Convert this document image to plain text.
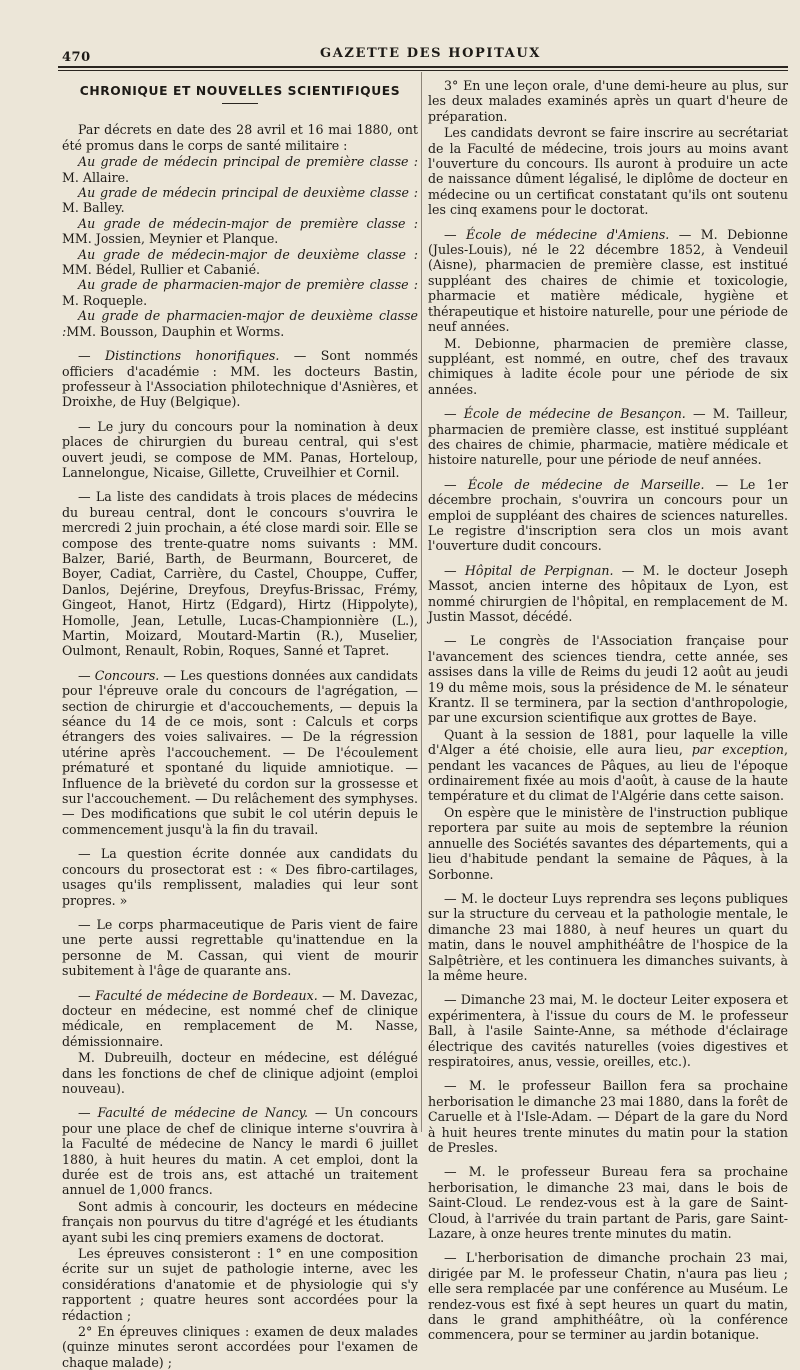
470	GAZETTE DES HOPITAUX
CHRONIQUE ET NOUVELLES SCIENTIFIQUES

Par décrets en date des 28 avril et 16 mai 1880, ont été promus dans le corps de santé militaire :

Au grade de médecin principal de première classe : M. Allaire.

Au grade de médecin principal de deuxième classe : M. Balley.

Au grade de médecin-major de première classe : MM. Jossien, Meynier et Planque.

Au grade de médecin-major de deuxième classe : MM. Bédel, Rullier et Cabanié.

Au grade de pharmacien-major de première classe : M. Roqueple.

Au grade de pharmacien-major de deuxième classe :MM. Bousson, Dauphin et Worms.

— Distinctions honorifiques. — Sont nommés officiers d'académie : MM. les docteurs Bastin, professeur à l'Association philotechnique d'Asnières, et Droixhe, de Huy (Belgique).

— Le jury du concours pour la nomination à deux places de chirurgien du bureau central, qui s'est ouvert jeudi, se compose de MM. Panas, Horteloup, Lannelongue, Nicaise, Gillette, Cruveilhier et Cornil.

— La liste des candidats à trois places de médecins du bureau central, dont le concours s'ouvrira le mercredi 2 juin prochain, a été close mardi soir. Elle se compose des trente-quatre noms suivants : MM. Balzer, Barié, Barth, de Beurmann, Bourceret, de Boyer, Cadiat, Carrière, du Castel, Chouppe, Cuffer, Danlos, Dejérine, Dreyfous, Dreyfus-Brissac, Frémy, Gingeot, Hanot, Hirtz (Edgard), Hirtz (Hippolyte), Homolle, Jean, Letulle, Lucas-Championnière (L.), Martin, Moizard, Moutard-Martin (R.), Muselier, Oulmont, Renault, Robin, Roques, Sanné et Tapret.

— Concours. — Les questions données aux candidats pour l'épreuve orale du concours de l'agrégation, — section de chirurgie et d'accouchements, — depuis la séance du 14 de ce mois, sont : Calculs et corps étrangers des voies salivaires. — De la régression utérine après l'accouchement. — De l'écoulement prématuré et spontané du liquide amniotique. — Influence de la brièveté du cordon sur la grossesse et sur l'accouchement. — Du relâchement des symphyses. — Des modifications que subit le col utérin depuis le commencement jusqu'à la fin du travail.

— La question écrite donnée aux candidats du concours du prosectorat est : « Des fibro-cartilages, usages qu'ils remplissent, maladies qui leur sont propres. »

— Le corps pharmaceutique de Paris vient de faire une perte aussi regrettable qu'inattendue en la personne de M. Cassan, qui vient de mourir subitement à l'âge de quarante ans.

— Faculté de médecine de Bordeaux. — M. Davezac, docteur en médecine, est nommé chef de clinique médicale, en remplacement de M. Nasse, démissionnaire.

M. Dubreuilh, docteur en médecine, est délégué dans les fonctions de chef de clinique adjoint (emploi nouveau).

— Faculté de médecine de Nancy. — Un concours pour une place de chef de clinique interne s'ouvrira à la Faculté de médecine de Nancy le mardi 6 juillet 1880, à huit heures du matin. A cet emploi, dont la durée est de trois ans, est attaché un traitement annuel de 1,000 francs.

Sont admis à concourir, les docteurs en médecine français non pourvus du titre d'agrégé et les étudiants ayant subi les cinq premiers examens de doctorat.

Les épreuves consisteront : 1° en une composition écrite sur un sujet de pathologie interne, avec les considérations d'anatomie et de physiologie qui s'y rapportent ; quatre heures sont accordées pour la rédaction ;

2° En épreuves cliniques : examen de deux malades (quinze minutes seront accordées pour l'examen de chaque malade) ;

3° En une leçon orale, d'une demi-heure au plus, sur les deux malades examinés après un quart d'heure de préparation.

Les candidats devront se faire inscrire au secrétariat de la Faculté de médecine, trois jours au moins avant l'ouverture du concours. Ils auront à produire un acte de naissance dûment légalisé, le diplôme de docteur en médecine ou un certificat constatant qu'ils ont soutenu les cinq examens pour le doctorat.

— École de médecine d'Amiens. — M. Debionne (Jules-Louis), né le 22 décembre 1852, à Vendeuil (Aisne), pharmacien de première classe, est institué suppléant des chaires de chimie et toxicologie, pharmacie et matière médicale, hygiène et thérapeutique et histoire naturelle, pour une période de neuf années.

M. Debionne, pharmacien de première classe, suppléant, est nommé, en outre, chef des travaux chimiques à ladite école pour une période de six années.

— École de médecine de Besançon. — M. Tailleur, pharmacien de première classe, est institué suppléant des chaires de chimie, pharmacie, matière médicale et histoire naturelle, pour une période de neuf années.

— École de médecine de Marseille. — Le 1er décembre prochain, s'ouvrira un concours pour un emploi de suppléant des chaires de sciences naturelles. Le registre d'inscription sera clos un mois avant l'ouverture dudit concours.

— Hôpital de Perpignan. — M. le docteur Joseph Massot, ancien interne des hôpitaux de Lyon, est nommé chirurgien de l'hôpital, en remplacement de M. Justin Massot, décédé.

— Le congrès de l'Association française pour l'avancement des sciences tiendra, cette année, ses assises dans la ville de Reims du jeudi 12 août au jeudi 19 du même mois, sous la présidence de M. le sénateur Krantz. Il se terminera, par la section d'anthropologie, par une excursion scientifique aux grottes de Baye.

Quant à la session de 1881, pour laquelle la ville d'Alger a été choisie, elle aura lieu, par exception, pendant les vacances de Pâques, au lieu de l'époque ordinairement fixée au mois d'août, à cause de la haute température et du climat de l'Algérie dans cette saison.

On espère que le ministère de l'instruction publique reportera par suite au mois de septembre la réunion annuelle des Sociétés savantes des départements, qui a lieu d'habitude pendant la semaine de Pâques, à la Sorbonne.

— M. le docteur Luys reprendra ses leçons publiques sur la structure du cerveau et la pathologie mentale, le dimanche 23 mai 1880, à neuf heures un quart du matin, dans le nouvel amphithéâtre de l'hospice de la Salpêtrière, et les continuera les dimanches suivants, à la même heure.

— Dimanche 23 mai, M. le docteur Leiter exposera et expérimentera, à l'issue du cours de M. le professeur Ball, à l'asile Sainte-Anne, sa méthode d'éclairage électrique des cavités naturelles (voies digestives et respiratoires, anus, vessie, oreilles, etc.).

— M. le professeur Baillon fera sa prochaine herborisation le dimanche 23 mai 1880, dans la forêt de Caruelle et à l'Isle-Adam. — Départ de la gare du Nord à huit heures trente minutes du matin pour la station de Presles.

— M. le professeur Bureau fera sa prochaine herborisation, le dimanche 23 mai, dans le bois de Saint-Cloud. Le rendez-vous est à la gare de Saint-Cloud, à l'arrivée du train partant de Paris, gare Saint-Lazare, à onze heures trente minutes du matin.

— L'herborisation de dimanche prochain 23 mai, dirigée par M. le professeur Chatin, n'aura pas lieu ; elle sera remplacée par une conférence au Muséum. Le rendez-vous est fixé à sept heures un quart du matin, dans le grand amphithéâtre, où la conférence commencera, pour se terminer au jardin botanique.
